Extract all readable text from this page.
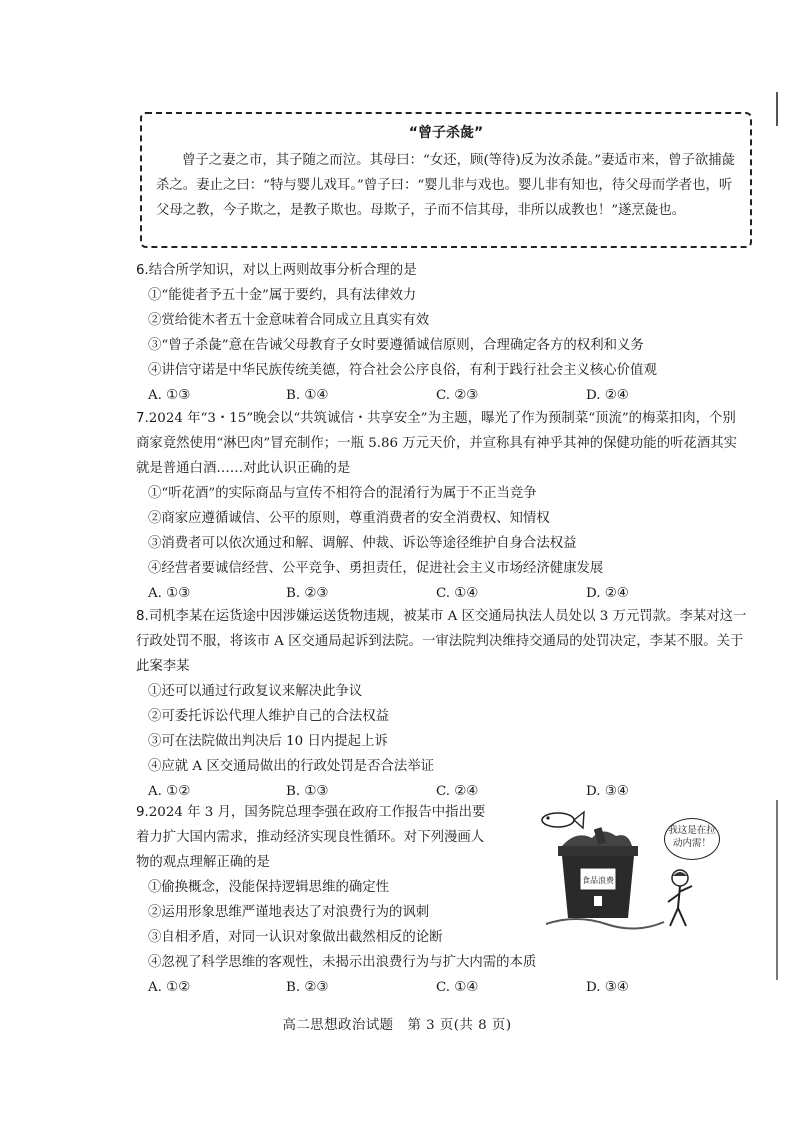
“曾子杀彘”
曾子之妻之市，其子随之而泣。其母曰：“女还，顾(等待)反为汝杀彘。”妻适市来，曾子欲捕彘杀之。妻止之曰：“特与婴儿戏耳。”曾子曰：“婴儿非与戏也。婴儿非有知也，待父母而学者也，听父母之教，今子欺之，是教子欺也。母欺子，子而不信其母，非所以成教也！”遂烹彘也。
6.结合所学知识，对以上两则故事分析合理的是
①“能徙者予五十金”属于要约，具有法律效力
②赏给徙木者五十金意味着合同成立且真实有效
③“曾子杀彘”意在告诫父母教育子女时要遵循诚信原则，合理确定各方的权利和义务
④讲信守诺是中华民族传统美德，符合社会公序良俗，有利于践行社会主义核心价值观
A. ①③	B. ①④	C. ②③	D. ②④
7.2024 年“3・15”晚会以“共筑诚信・共享安全”为主题，曝光了作为预制菜“顶流”的梅菜扣肉，个别商家竟然使用“淋巴肉”冒充制作；一瓶 5.86 万元天价，并宣称具有神乎其神的保健功能的听花酒其实就是普通白酒……对此认识正确的是
①“听花酒”的实际商品与宣传不相符合的混淆行为属于不正当竞争
②商家应遵循诚信、公平的原则，尊重消费者的安全消费权、知情权
③消费者可以依次通过和解、调解、仲裁、诉讼等途径维护自身合法权益
④经营者要诚信经营、公平竞争、勇担责任，促进社会主义市场经济健康发展
A. ①③	B. ②③	C. ①④	D. ②④
8.司机李某在运货途中因涉嫌运送货物违规，被某市 A 区交通局执法人员处以 3 万元罚款。李某对这一行政处罚不服，将该市 A 区交通局起诉到法院。一审法院判决维持交通局的处罚决定，李某不服。关于此案李某
①还可以通过行政复议来解决此争议
②可委托诉讼代理人维护自己的合法权益
③可在法院做出判决后 10 日内提起上诉
④应就 A 区交通局做出的行政处罚是否合法举证
A. ①②	B. ①③	C. ②④	D. ③④
9.2024 年 3 月，国务院总理李强在政府工作报告中指出要着力扩大国内需求，推动经济实现良性循环。对下列漫画人物的观点理解正确的是
①偷换概念，没能保持逻辑思维的确定性
②运用形象思维严谨地表达了对浪费行为的讽刺
③自相矛盾，对同一认识对象做出截然相反的论断
④忽视了科学思维的客观性，未揭示出浪费行为与扩大内需的本质
A. ①②	B. ②③	C. ①④	D. ③④
食品浪费
我这是在拉动内需！
高二思想政治试题　第 3 页(共 8 页)
